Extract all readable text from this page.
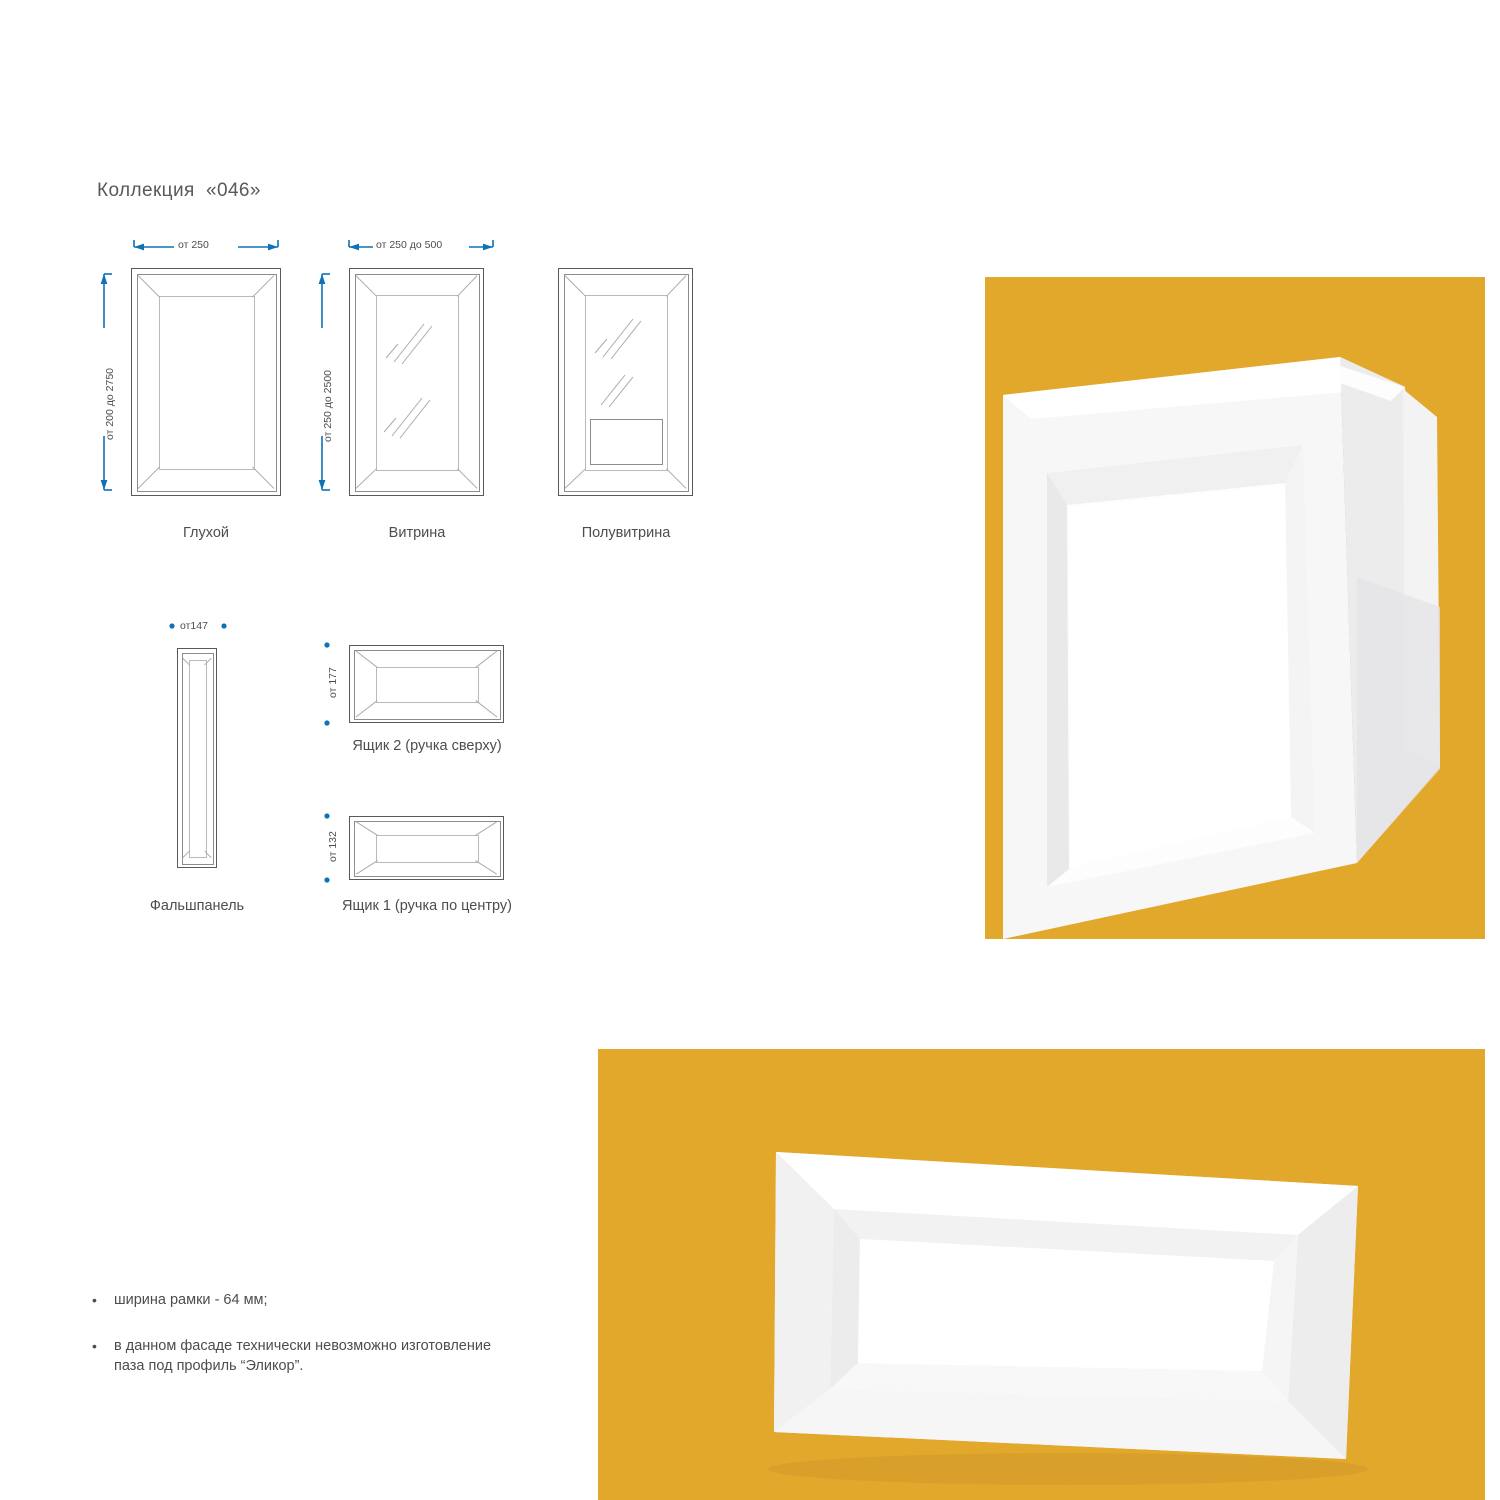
Коллекция  «046»
от 250
от 200 до 2750
Глухой
от 250 до 500
от 250 до 2500
Витрина	Полувитрина
от147
Фальшпанель
от 177
Ящик 2 (ручка сверху)
от 132
Ящик 1 (ручка по центру)
•	ширина рамки - 64 мм;
•	в данном фасаде технически невозможно изготовление паза под профиль “Эликор”.
